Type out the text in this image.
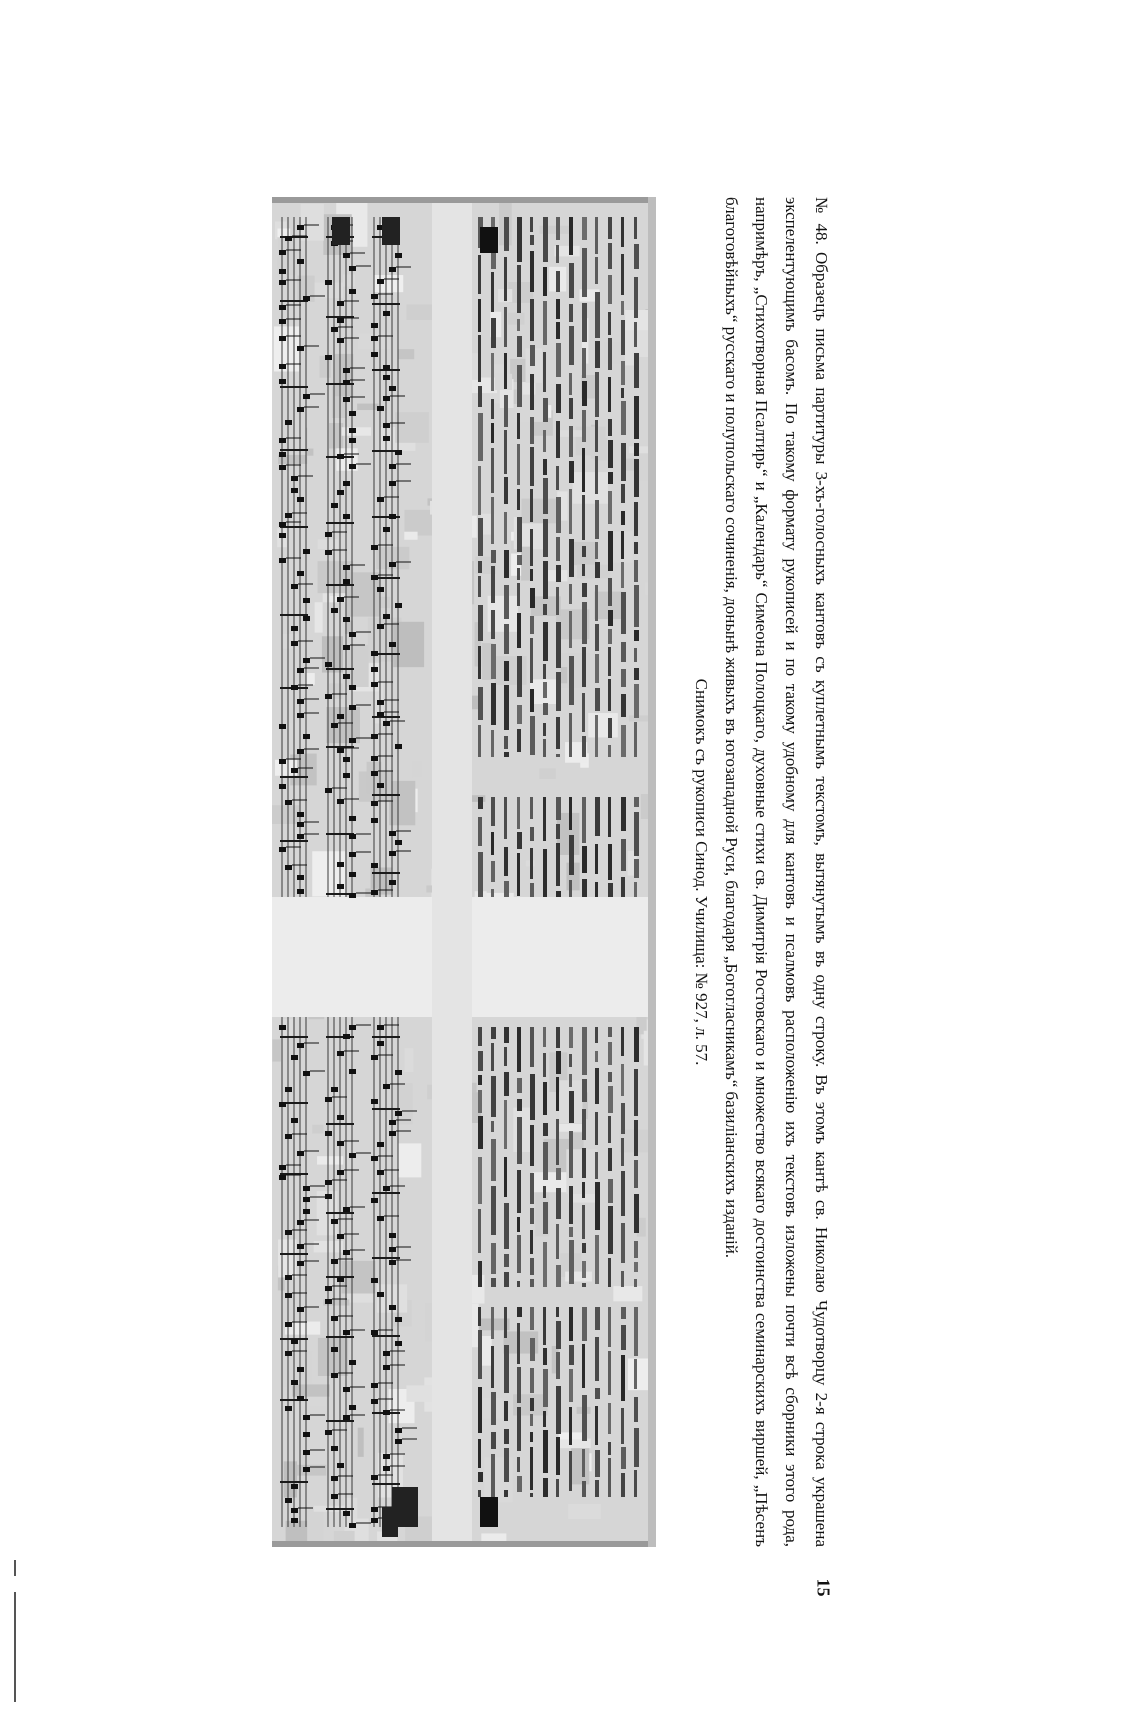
№ 48. Образецъ письма партитуры 3-хъ-голосныхъ кантовъ съ куплетнымъ текстомъ, вытянутымъ въ одну строку. Въ этомъ кантѣ св. Николаю Чудотворцу 2-я строка украшена экспелентующимъ басомъ. По такому формату рукописей и по такому удобному для кантовъ и псалмовъ расположенію ихъ текстовъ изложены почти всѣ сборники этого рода, напримѣръ, „Стихотворная Псалтирь“ и „Календарь“ Симеона Полоцкаго, духовные стихи св. Димитрія Ростовскаго и множество всякаго достоинства семинарскихъ виршей, „Пѣсенъ благоговѣйныхъ“ русскаго и полупольскаго сочиненія, донынѣ живыхъ въ югозападной Руси, благодаря „Богогласникамъ“ базиліанскихъ изданій.

Снимокъ съ рукописи Синод. Училища: № 927, л. 57.

15
